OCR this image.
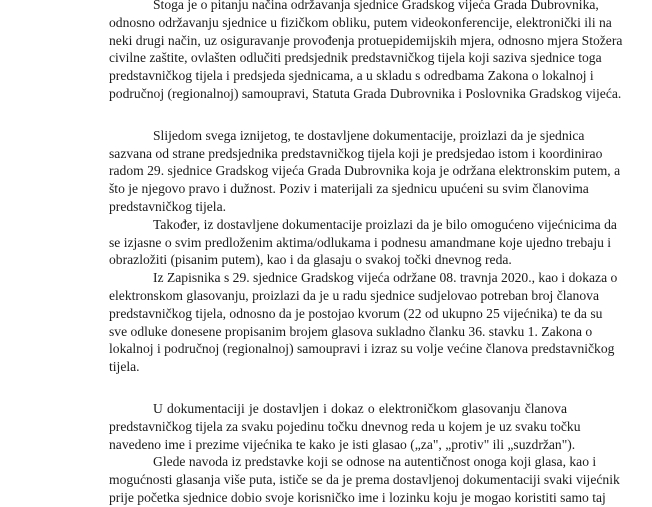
Stoga je o pitanju načina održavanja sjednice Gradskog vijeća Grada Dubrovnika,
odnosno održavanju sjednice u fizičkom obliku, putem videokonferencije, elektronički ili na
neki drugi način, uz osiguravanje provođenja protuepidemijskih mjera, odnosno mjera Stožera
civilne zaštite, ovlašten odlučiti predsjednik predstavničkog tijela koji saziva sjednice toga
predstavničkog tijela i predsjeda sjednicama, a u skladu s odredbama Zakona o lokalnoj i
područnoj (regionalnoj) samoupravi, Statuta Grada Dubrovnika i Poslovnika Gradskog vijeća.
Slijedom svega iznijetog, te dostavljene dokumentacije, proizlazi da je sjednica
sazvana od strane predsjednika predstavničkog tijela koji je predsjedao istom i koordinirao
radom 29. sjednice Gradskog vijeća Grada Dubrovnika koja je održana elektronskim putem, a
što je njegovo pravo i dužnost. Poziv i materijali za sjednicu upućeni su svim članovima
predstavničkog tijela.
Također, iz dostavljene dokumentacije proizlazi da je bilo omogućeno vijećnicima da
se izjasne o svim predloženim aktima/odlukama i podnesu amandmane koje ujedno trebaju i
obrazložiti (pisanim putem), kao i da glasaju o svakoj točki dnevnog reda.
Iz Zapisnika s 29. sjednice Gradskog vijeća održane 08. travnja 2020., kao i dokaza o
elektronskom glasovanju, proizlazi da je u radu sjednice sudjelovao potreban broj članova
predstavničkog tijela, odnosno da je postojao kvorum (22 od ukupno 25 vijećnika) te da su
sve odluke donesene propisanim brojem glasova sukladno članku 36. stavku 1. Zakona o
lokalnoj i područnoj (regionalnoj) samoupravi i izraz su volje većine članova predstavničkog
tijela.
U dokumentaciji je dostavljen i dokaz o elektroničkom glasovanju članova
predstavničkog tijela za svaku pojedinu točku dnevnog reda u kojem je uz svaku točku
navedeno ime i prezime vijećnika te kako je isti glasao („za", „protiv" ili „suzdržan").
Glede navoda iz predstavke koji se odnose na autentičnost onoga koji glasa, kao i
mogućnosti glasanja više puta, ističe se da je prema dostavljenoj dokumentaciji svaki vijećnik
prije početka sjednice dobio svoje korisničko ime i lozinku koju je mogao koristiti samo taj
